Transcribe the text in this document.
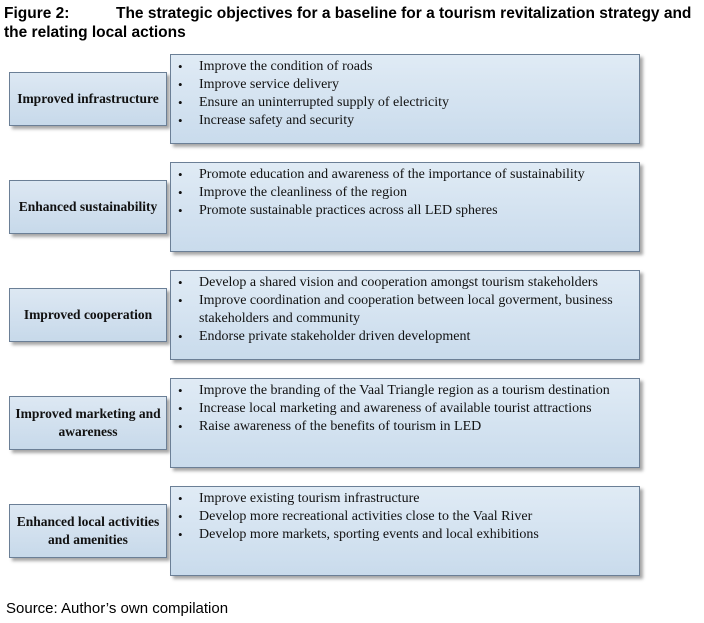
Figure 2:	The strategic objectives for a baseline for a tourism revitalization strategy and the relating local actions
Improved infrastructure
• Improve the condition of roads
• Improve service delivery
• Ensure an uninterrupted supply of electricity
• Increase safety and security
Enhanced sustainability
• Promote education and awareness of the importance of sustainability
• Improve the cleanliness of the region
• Promote sustainable practices across all LED spheres
Improved cooperation
• Develop a shared vision and cooperation amongst tourism stakeholders
• Improve coordination and cooperation between local goverment, business stakeholders and community
• Endorse private stakeholder driven development
Improved marketing and awareness
• Improve the branding of the Vaal Triangle region as a tourism destination
• Increase local marketing and awareness of available tourist attractions
• Raise awareness of the benefits of tourism in LED
Enhanced local activities and amenities
• Improve existing tourism infrastructure
• Develop more recreational activities close to the Vaal River
• Develop more markets, sporting events and local exhibitions
Source: Author’s own compilation
